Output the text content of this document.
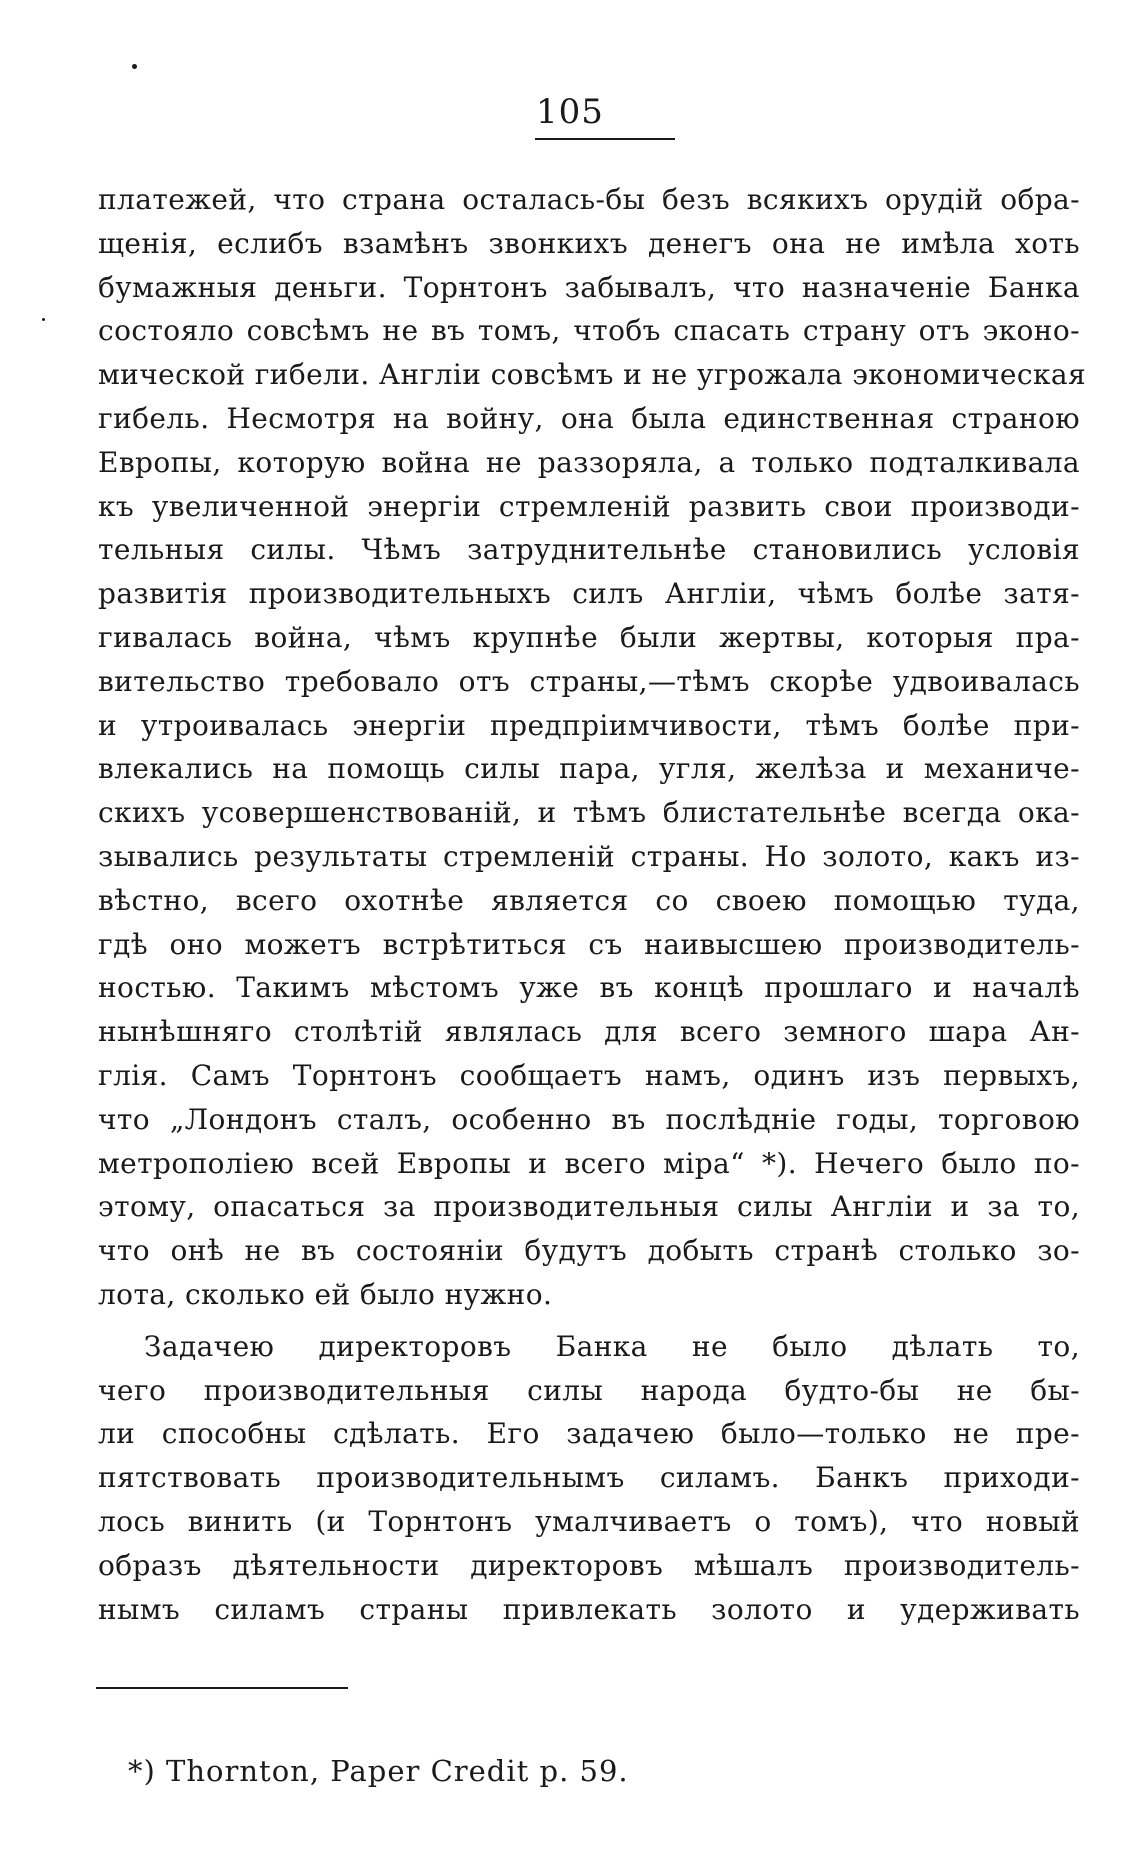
105
платежей, что страна осталась-бы безъ всякихъ орудій обра-
щенія, еслибъ взамѣнъ звонкихъ денегъ она не имѣла хоть
бумажныя деньги. Торнтонъ забывалъ, что назначеніе Банка
состояло совсѣмъ не въ томъ, чтобъ спасать страну отъ эконо-
мической гибели. Англіи совсѣмъ и не угрожала экономическая
гибель. Несмотря на войну, она была единственная страною
Европы, которую война не раззоряла, а только подталкивала
къ увеличенной энергіи стремленій развить свои производи-
тельныя силы. Чѣмъ затруднительнѣе становились условія
развитія производительныхъ силъ Англіи, чѣмъ болѣе затя-
гивалась война, чѣмъ крупнѣе были жертвы, которыя пра-
вительство требовало отъ страны,—тѣмъ скорѣе удвоивалась
и утроивалась энергіи предпріимчивости, тѣмъ болѣе при-
влекались на помощь силы пара, угля, желѣза и механиче-
скихъ усовершенствованій, и тѣмъ блистательнѣе всегда ока-
зывались результаты стремленій страны. Но золото, какъ из-
вѣстно, всего охотнѣе является со своею помощью туда,
гдѣ оно можетъ встрѣтиться съ наивысшею производитель-
ностью. Такимъ мѣстомъ уже въ концѣ прошлаго и началѣ
нынѣшняго столѣтій являлась для всего земного шара Ан-
глія. Самъ Торнтонъ сообщаетъ намъ, одинъ изъ первыхъ,
что „Лондонъ сталъ, особенно въ послѣдніе годы, торговою
метрополіею всей Европы и всего міра“ *). Нечего было по-
этому, опасаться за производительныя силы Англіи и за то,
что онѣ не въ состояніи будутъ добыть странѣ столько зо-
лота, сколько ей было нужно.
Задачею директоровъ Банка не было дѣлать то,
чего производительныя силы народа будто-бы не бы-
ли способны сдѣлать. Его задачею было—только не пре-
пятствовать производительнымъ силамъ. Банкъ приходи-
лось винить (и Торнтонъ умалчиваетъ о томъ), что новый
образъ дѣятельности директоровъ мѣшалъ производитель-
нымъ силамъ страны привлекать золото и удерживать
*) Thornton, Paper Credit p. 59.
